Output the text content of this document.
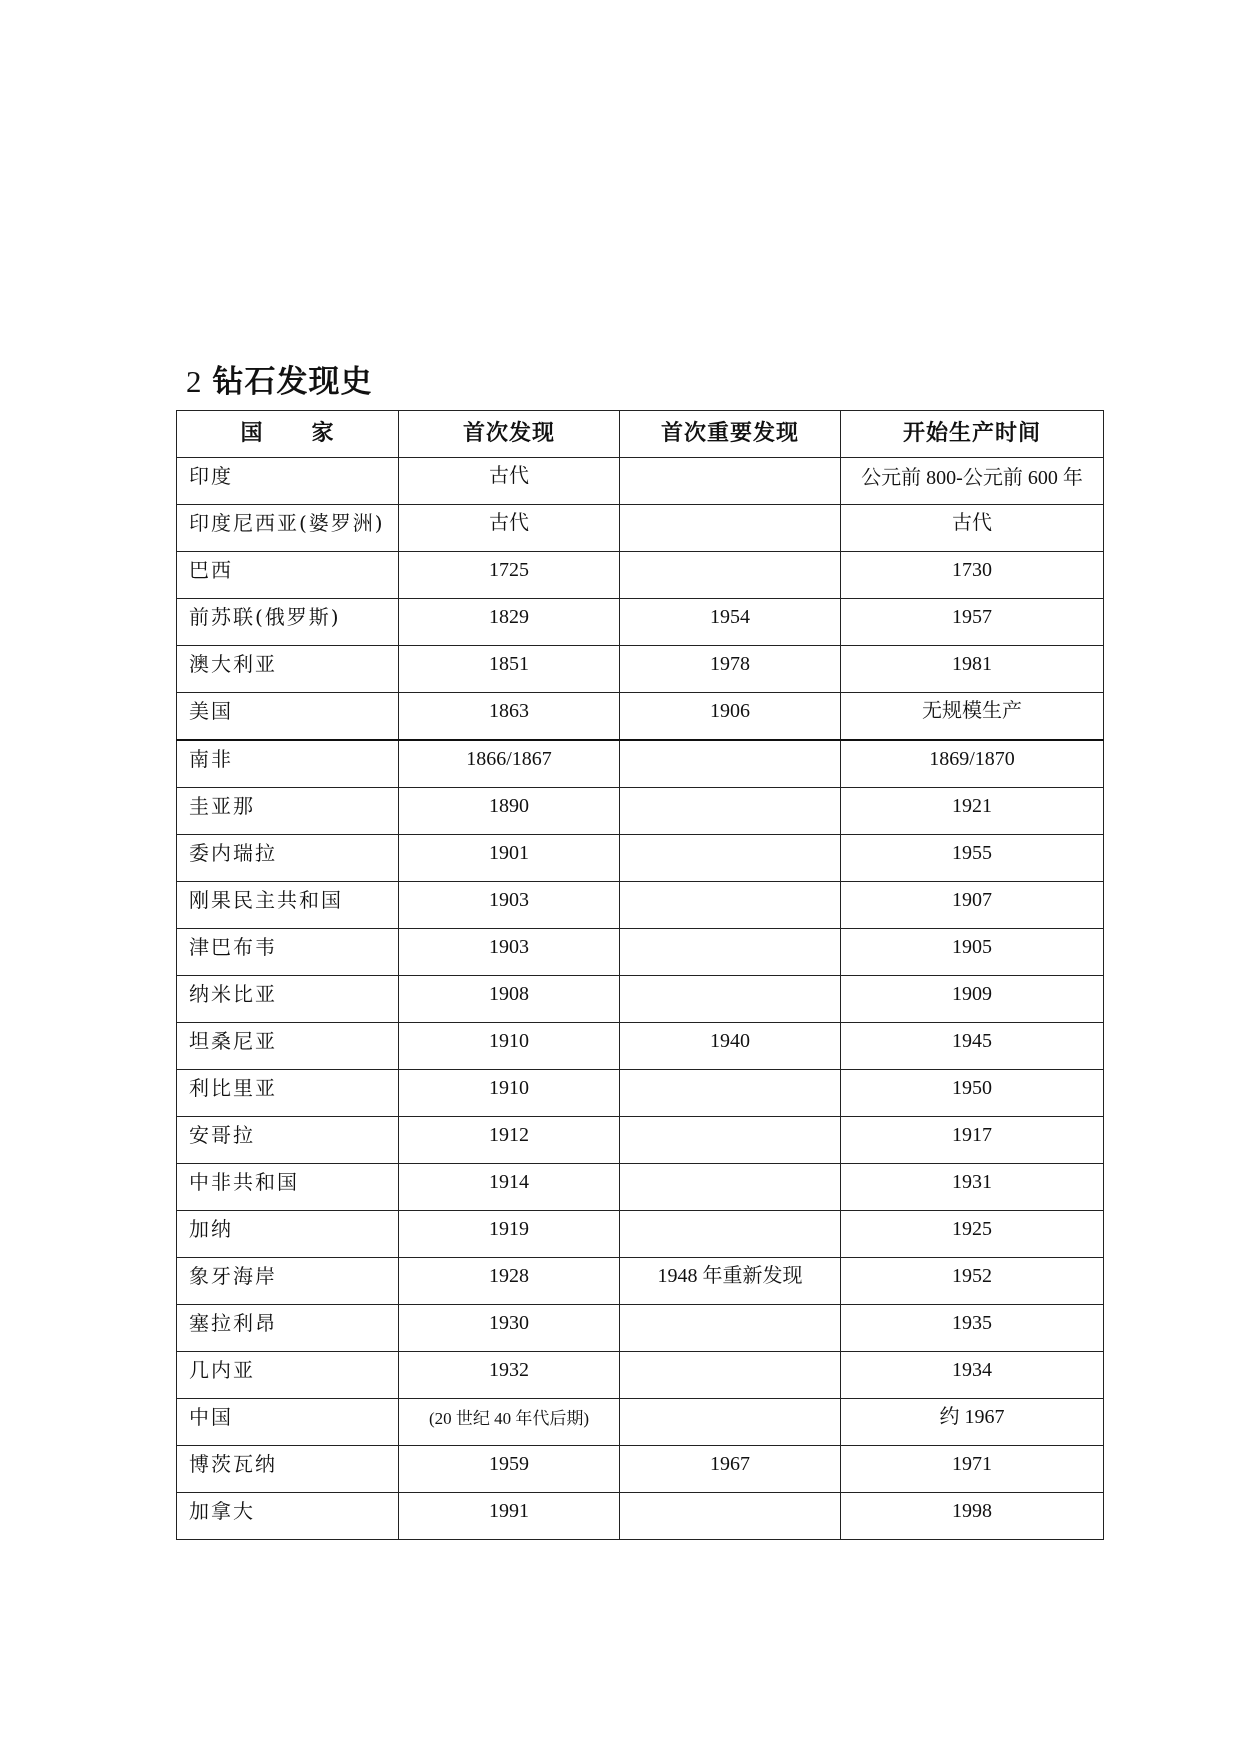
2 钻石发现史
国 家	首次发现	首次重要发现	开始生产时间
印度	古代		公元前 800-公元前 600 年
印度尼西亚(婆罗洲)	古代		古代
巴西	1725		1730
前苏联(俄罗斯)	1829	1954	1957
澳大利亚	1851	1978	1981
美国	1863	1906	无规模生产
南非	1866/1867		1869/1870
圭亚那	1890		1921
委内瑞拉	1901		1955
刚果民主共和国	1903		1907
津巴布韦	1903		1905
纳米比亚	1908		1909
坦桑尼亚	1910	1940	1945
利比里亚	1910		1950
安哥拉	1912		1917
中非共和国	1914		1931
加纳	1919		1925
象牙海岸	1928	1948 年重新发现	1952
塞拉利昂	1930		1935
几内亚	1932		1934
中国	(20 世纪 40 年代后期)		约 1967
博茨瓦纳	1959	1967	1971
加拿大	1991		1998
